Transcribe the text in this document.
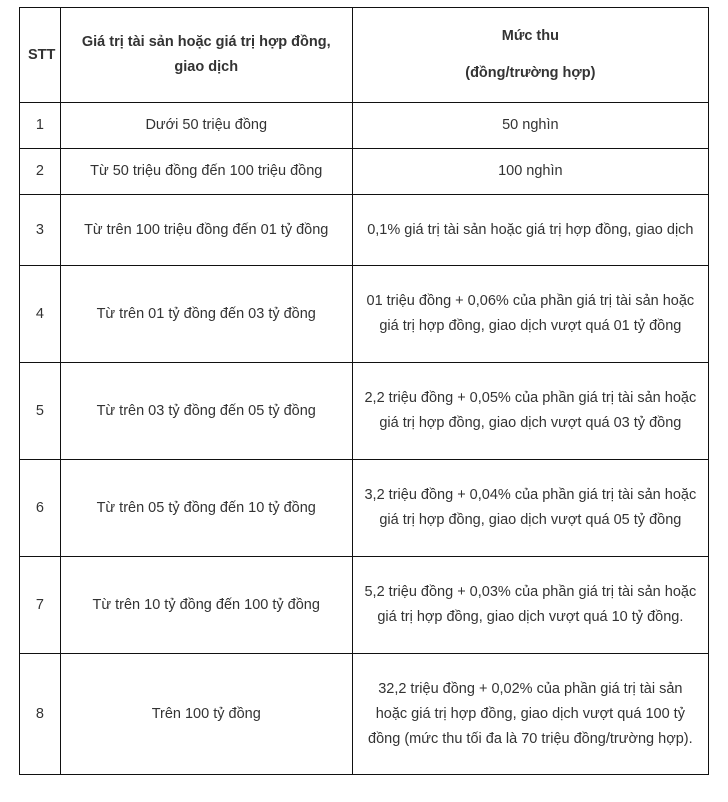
STT	Giá trị tài sản hoặc giá trị hợp đồng, giao dịch	Mức thu
(đồng/trường hợp)

1	Dưới 50 triệu đồng	50 nghìn
2	Từ 50 triệu đồng đến 100 triệu đồng	100 nghìn
3	Từ trên 100 triệu đồng đến 01 tỷ đồng	0,1% giá trị tài sản hoặc giá trị hợp đồng, giao dịch
4	Từ trên 01 tỷ đồng đến 03 tỷ đồng	01 triệu đồng + 0,06% của phần giá trị tài sản hoặc giá trị hợp đồng, giao dịch vượt quá 01 tỷ đồng
5	Từ trên 03 tỷ đồng đến 05 tỷ đồng	2,2 triệu đồng + 0,05% của phần giá trị tài sản hoặc giá trị hợp đồng, giao dịch vượt quá 03 tỷ đồng
6	Từ trên 05 tỷ đồng đến 10 tỷ đồng	3,2 triệu đồng + 0,04% của phần giá trị tài sản hoặc giá trị hợp đồng, giao dịch vượt quá 05 tỷ đồng
7	Từ trên 10 tỷ đồng đến 100 tỷ đồng	5,2 triệu đồng + 0,03% của phần giá trị tài sản hoặc giá trị hợp đồng, giao dịch vượt quá 10 tỷ đồng.
8	Trên 100 tỷ đồng	32,2 triệu đồng + 0,02% của phần giá trị tài sản hoặc giá trị hợp đồng, giao dịch vượt quá 100 tỷ đồng (mức thu tối đa là 70 triệu đồng/trường hợp).
